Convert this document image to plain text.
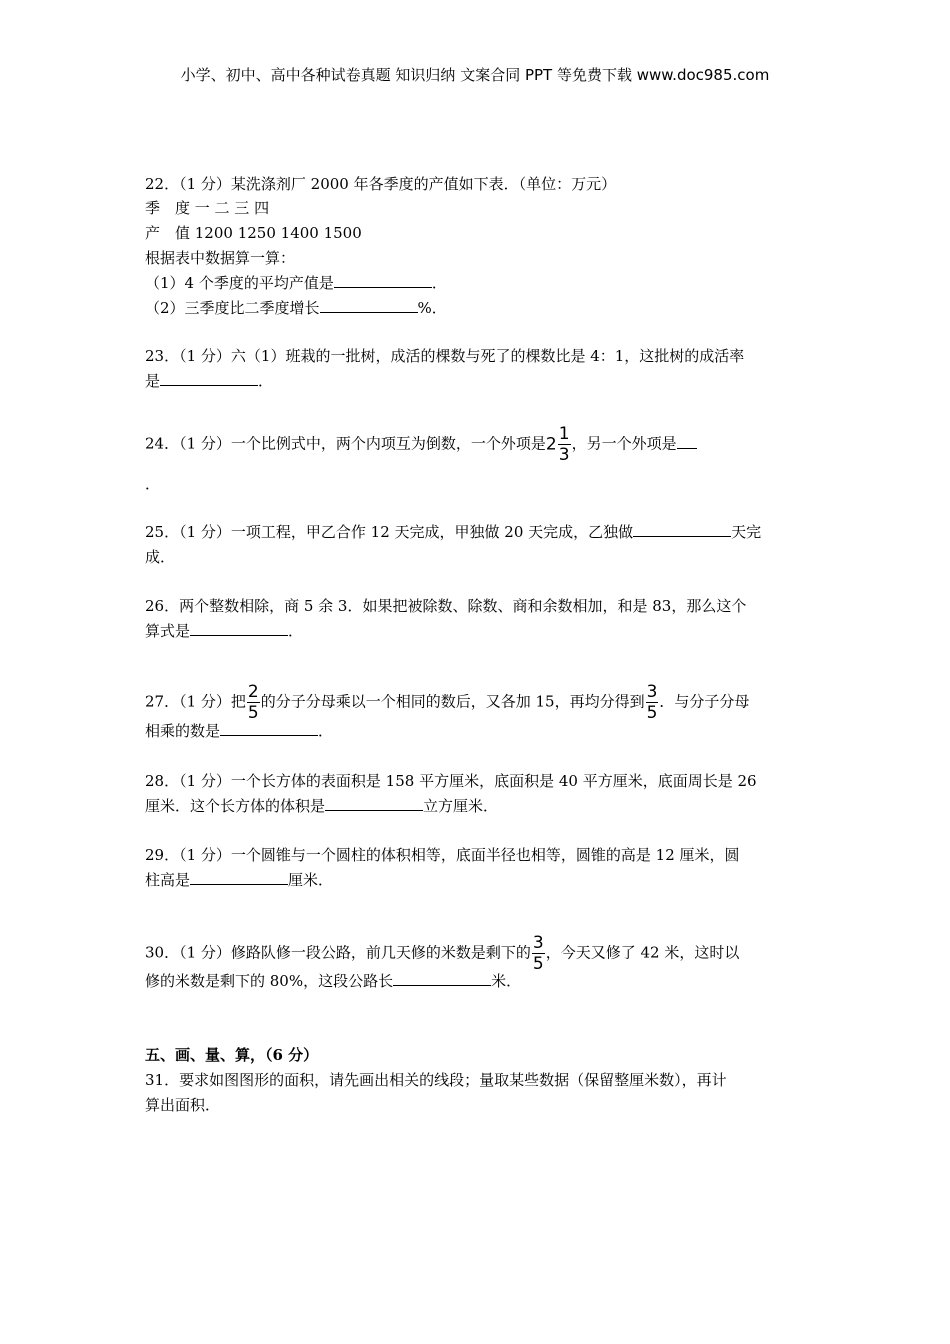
小学、初中、高中各种试卷真题 知识归纳 文案合同 PPT 等免费下载 www.doc985.com
22．（1 分）某洗涤剂厂 2000 年各季度的产值如下表．（单位：万元）
季　度 一 二 三 四
产　值 1200 1250 1400 1500
根据表中数据算一算：
（1）4 个季度的平均产值是	．
（2）三季度比二季度增长	%．
23．（1 分）六（1）班栽的一批树，成活的棵数与死了的棵数比是 4：1，这批树的成活率
是	．
24．（1 分）一个比例式中，两个内项互为倒数，一个外项是$2 \frac{1}{3}$ ，另一个外项是
．
25．（1 分）一项工程，甲乙合作 12 天完成，甲独做 20 天完成，乙独做	天完
成．
26．两个整数相除，商 5 余 3．如果把被除数、除数、商和余数相加，和是 83，那么这个
算式是	．
27．（1 分）把 $\frac{2}{5}$ 的分子分母乘以一个相同的数后，又各加 15，再均分得到 $\frac{3}{5}$ ．与分子分母
相乘的数是	．
28．（1 分）一个长方体的表面积是 158 平方厘米，底面积是 40 平方厘米，底面周长是 26
厘米．这个长方体的体积是	立方厘米．
29．（1 分）一个圆锥与一个圆柱的体积相等，底面半径也相等，圆锥的高是 12 厘米，圆
柱高是	厘米．
30．（1 分）修路队修一段公路，前几天修的米数是剩下的 $\frac{3}{5}$ ，今天又修了 42 米，这时以
修的米数是剩下的 80%，这段公路长	米．
五、画、量、算，（6 分）
31．要求如图图形的面积，请先画出相关的线段；量取某些数据（保留整厘米数），再计
算出面积．
